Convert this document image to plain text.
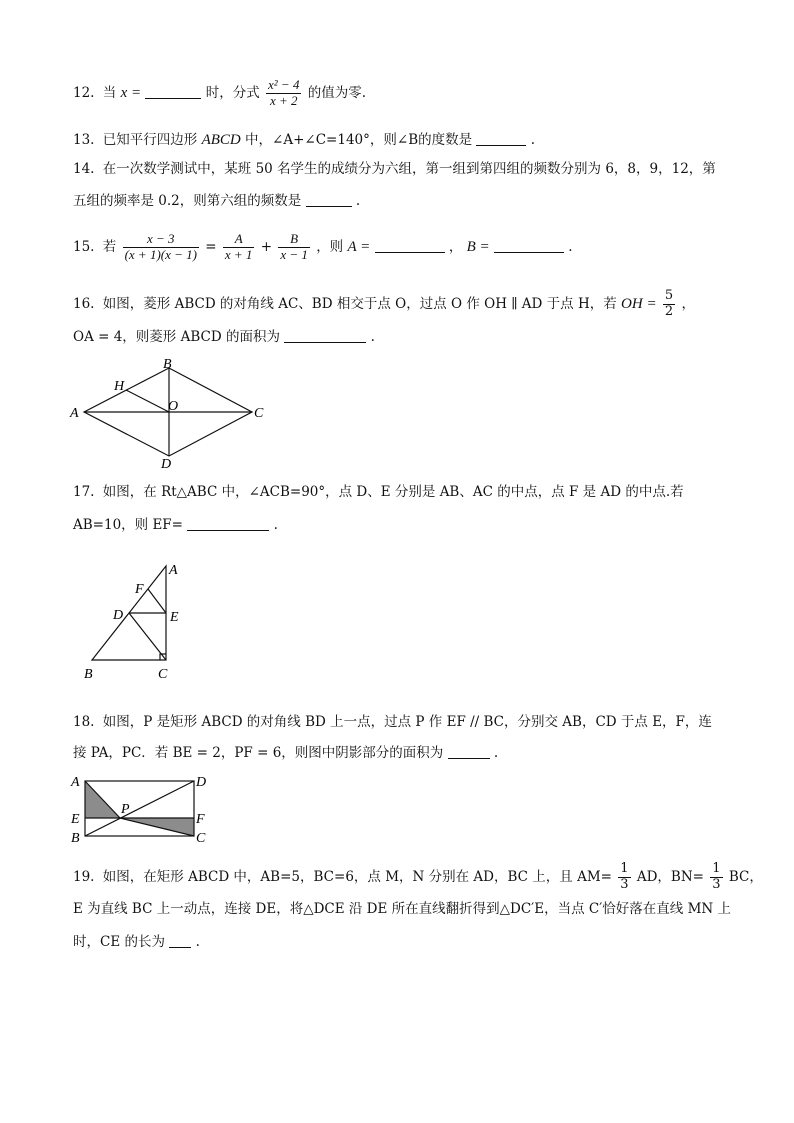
12. 当 x =	时，分式 $\frac{\text{x² − 4}}{x + 2}$ 的值为零.
13. 已知平行四边形 ABCD 中，∠A+∠C=140°，则∠B的度数是	.
14. 在一次数学测试中，某班 50 名学生的成绩分为六组，第一组到第四组的频数分别为 6，8，9，12，第
五组的频率是 0.2，则第六组的频数是	.
15. 若 $\frac{x - 3}{(x + 1)(x - 1)} = \frac{A}{x + 1} + \frac{B}{x - 1}$ ，则 A =	， B =	.
16. 如图，菱形 ABCD 的对角线 AC、BD 相交于点 O，过点 O 作 OH ∥ AD 于点 H，若 OH = $\frac{5}{2}$ ，
OA = 4，则菱形 ABCD 的面积为	.
A
B
C
D
H
O
17. 如图，在 Rt△ABC 中，∠ACB=90°，点 D、E 分别是 AB、AC 的中点，点 F 是 AD 的中点.若
AB=10，则 EF=	.
A
B	C
D	E
F
18. 如图，P 是矩形 ABCD 的对角线 BD 上一点，过点 P 作 EF // BC，分别交 AB，CD 于点 E，F，连
接 PA，PC．若 BE = 2，PF = 6，则图中阴影部分的面积为	.
A
B	C
D
E	F
P
19. 如图，在矩形 ABCD 中，AB=5，BC=6，点 M，N 分别在 AD，BC 上，且 $AM= \frac{1}{3}$ AD，$BN= \frac{1}{3}$ BC，
E 为直线 BC 上一动点，连接 DE，将△DCE 沿 DE 所在直线翻折得到△DC′E，当点 C′恰好落在直线 MN 上
时，CE 的长为 .
